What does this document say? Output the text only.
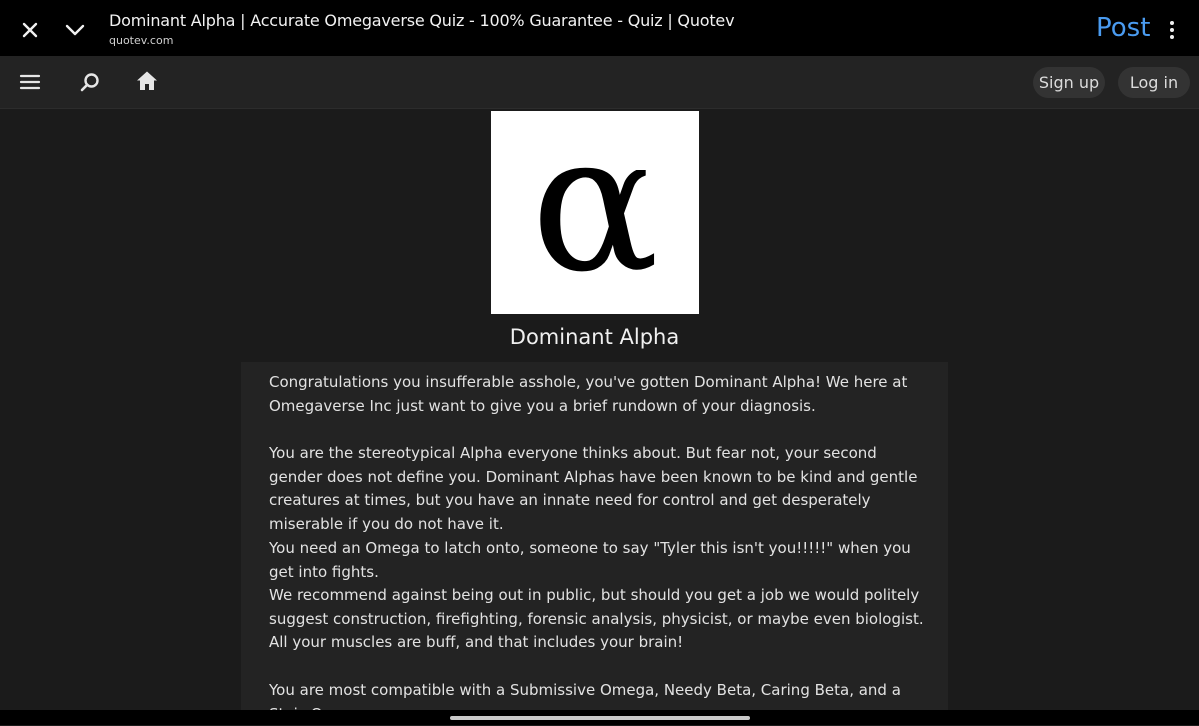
Dominant Alpha | Accurate Omegaverse Quiz - 100% Guarantee - Quiz | Quotev
quotev.com	Post
Sign up	Log in
α
Dominant Alpha

Congratulations you insufferable asshole, you've gotten Dominant Alpha! We here at Omegaverse Inc just want to give you a brief rundown of your diagnosis.

You are the stereotypical Alpha everyone thinks about. But fear not, your second gender does not define you. Dominant Alphas have been known to be kind and gentle creatures at times, but you have an innate need for control and get desperately miserable if you do not have it.

You need an Omega to latch onto, someone to say "Tyler this isn't you!!!!!" when you get into fights.

We recommend against being out in public, but should you get a job we would politely suggest construction, firefighting, forensic analysis, physicist, or maybe even biologist. All your muscles are buff, and that includes your brain!

You are most compatible with a Submissive Omega, Needy Beta, Caring Beta, and a
